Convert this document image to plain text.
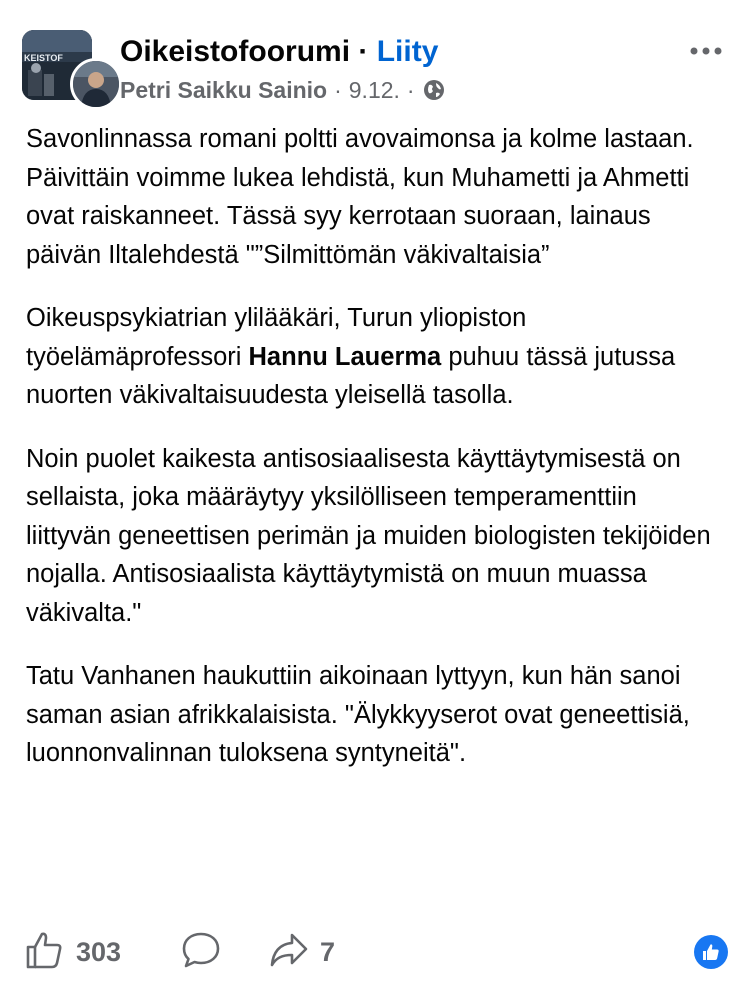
KEISTOF Oikeistofoorumi · Liity
Petri Saikku Sainio · 9.12. ·

Savonlinnassa romani poltti avovaimonsa ja kolme lastaan. Päivittäin voimme lukea lehdistä, kun Muhametti ja Ahmetti ovat raiskanneet. Tässä syy kerrotaan suoraan, lainaus päivän Iltalehdestä "”Silmittömän väkivaltaisia”

Oikeuspsykiatrian ylilääkäri, Turun yliopiston työelämäprofessori Hannu Lauerma puhuu tässä jutussa nuorten väkivaltaisuudesta yleisellä tasolla.

Noin puolet kaikesta antisosiaalisesta käyttäytymisestä on sellaista, joka määräytyy yksilölliseen temperamenttiin liittyvän geneettisen perimän ja muiden biologisten tekijöiden nojalla. Antisosiaalista käyttäytymistä on muun muassa väkivalta."

Tatu Vanhanen haukuttiin aikoinaan lyttyyn, kun hän sanoi saman asian afrikkalaisista. "Älykkyyserot ovat geneettisiä, luonnonvalinnan tuloksena syntyneitä".

303	7
